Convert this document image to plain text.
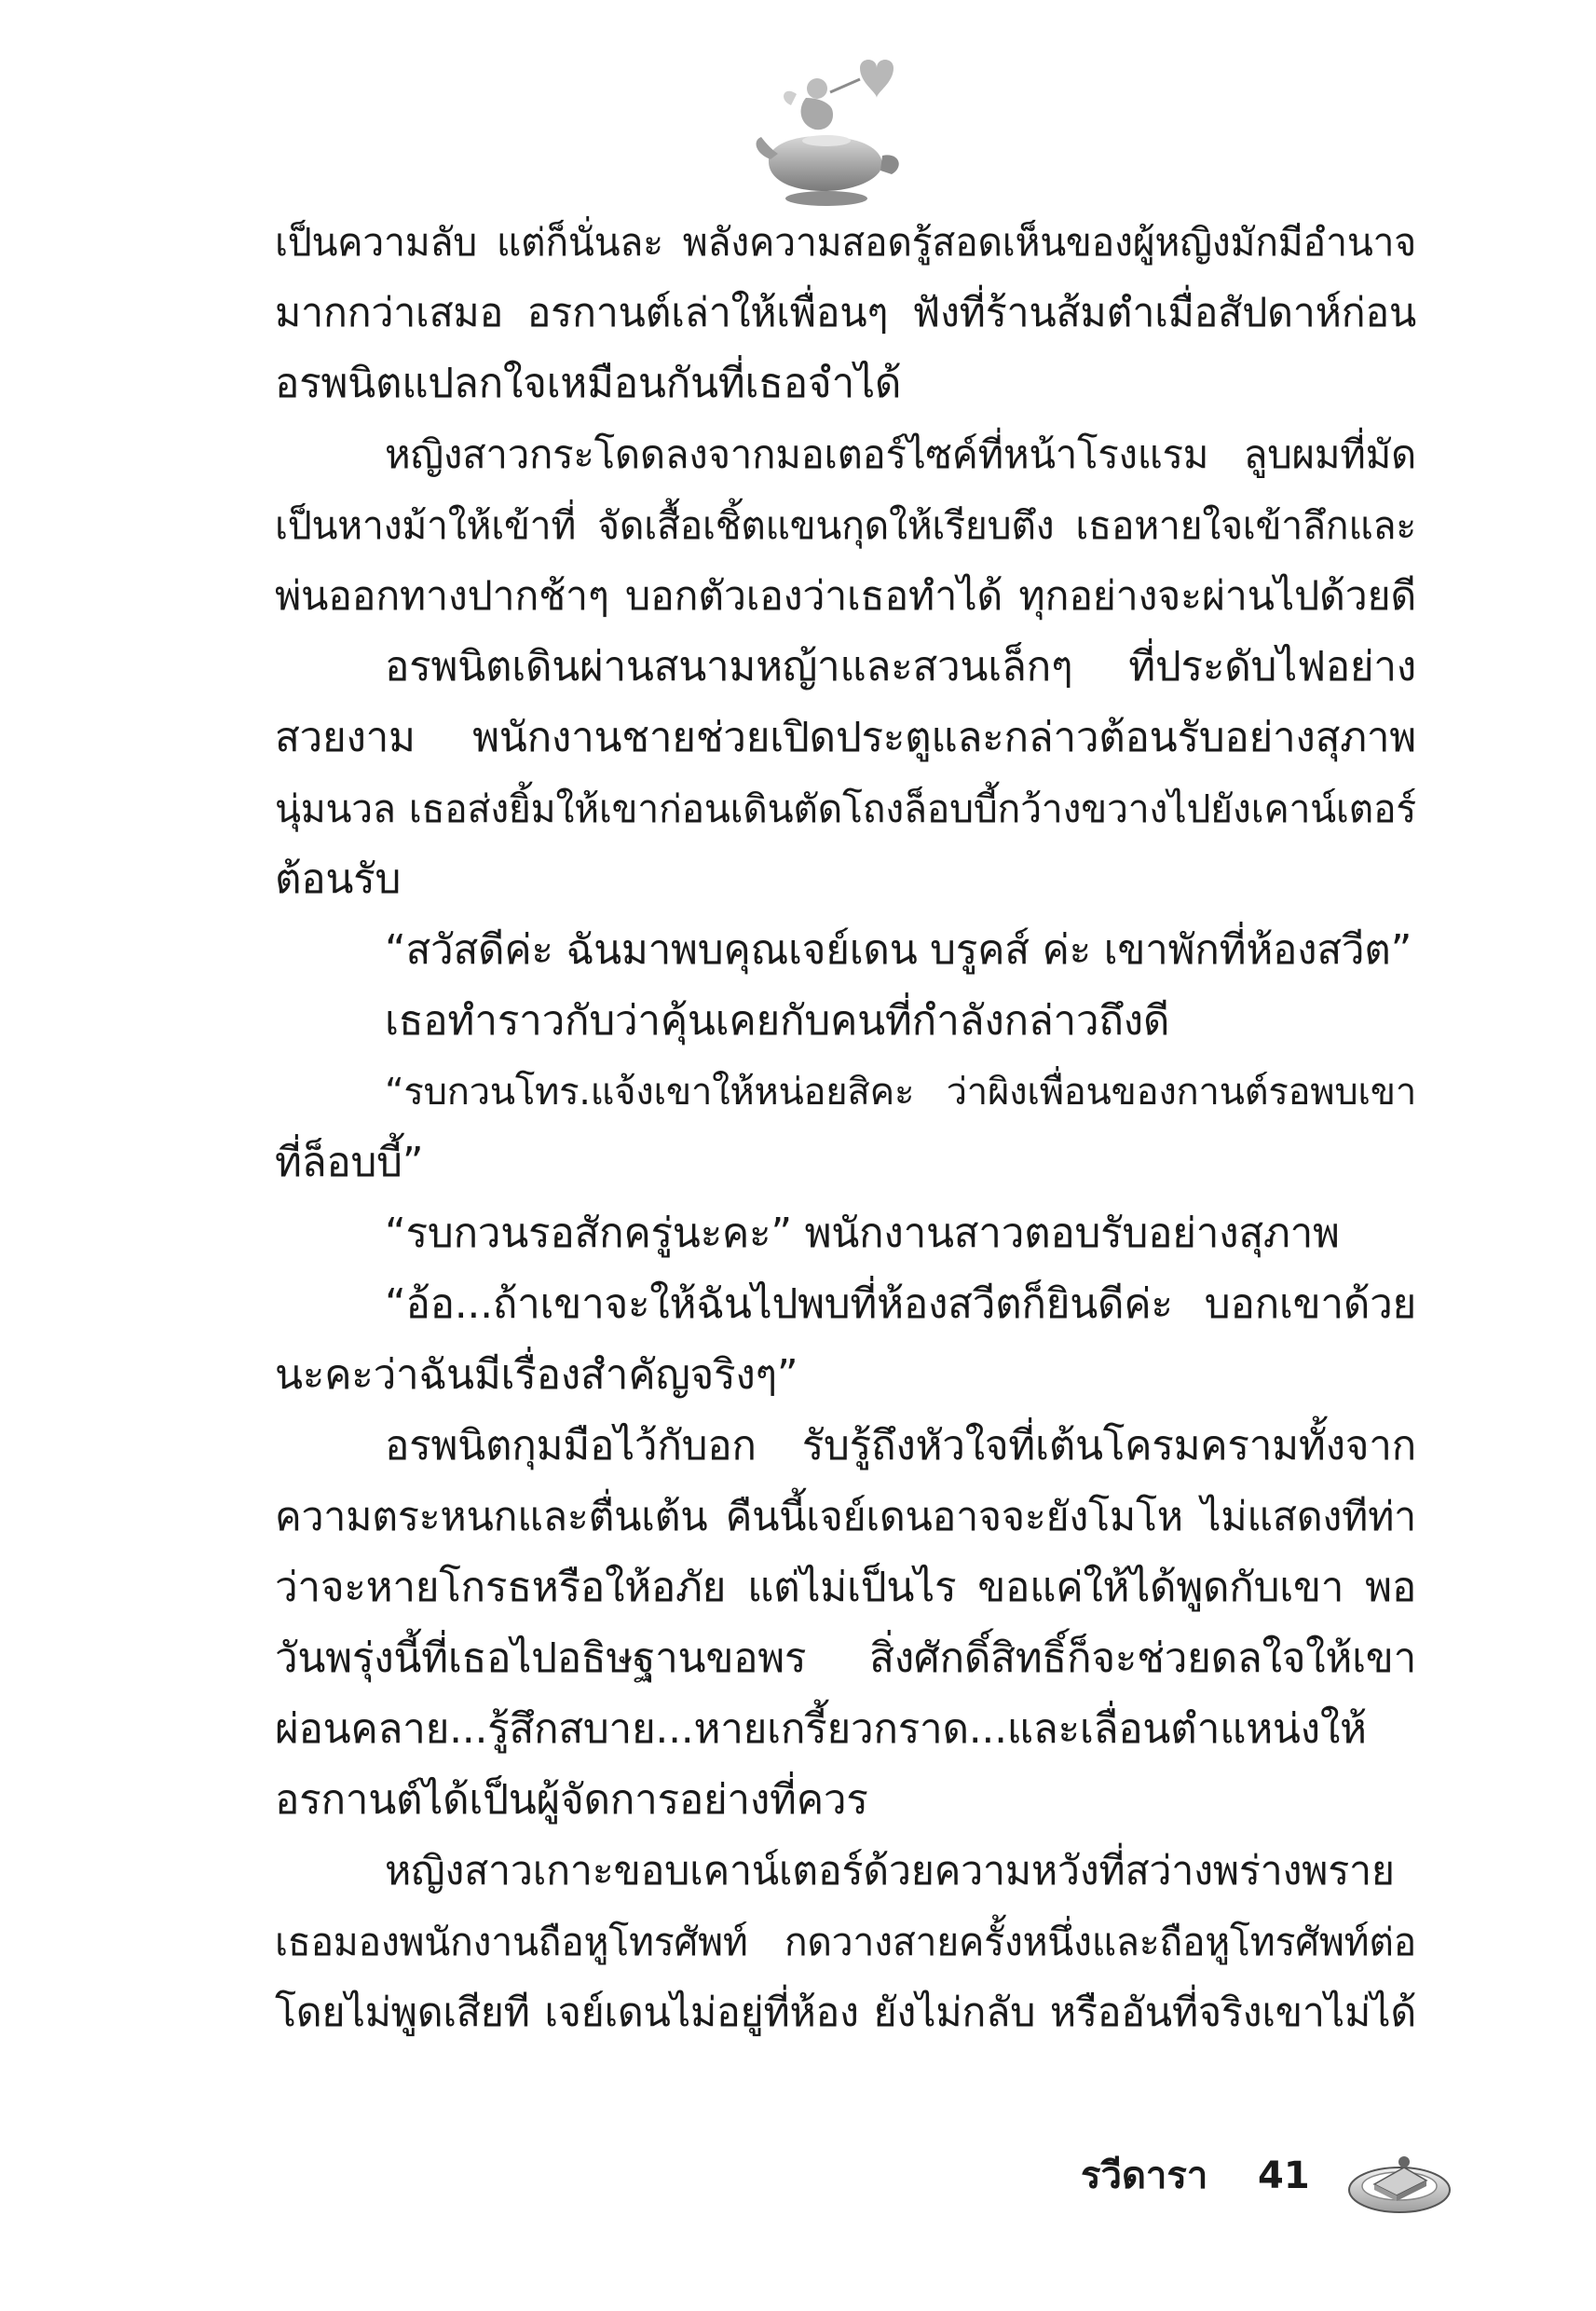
เป็นความลับ แต่ก็นั่นละ พลังความสอดรู้สอดเห็นของผู้หญิงมักมีอำนาจ
มากกว่าเสมอ อรกานต์เล่าให้เพื่อนๆ ฟังที่ร้านส้มตำเมื่อสัปดาห์ก่อน
อรพนิตแปลกใจเหมือนกันที่เธอจำได้
หญิงสาวกระโดดลงจากมอเตอร์ไซค์ที่หน้าโรงแรม ลูบผมที่มัด
เป็นหางม้าให้เข้าที่ จัดเสื้อเชิ้ตแขนกุดให้เรียบตึง เธอหายใจเข้าลึกและ
พ่นออกทางปากช้าๆ บอกตัวเองว่าเธอทำได้ ทุกอย่างจะผ่านไปด้วยดี
อรพนิตเดินผ่านสนามหญ้าและสวนเล็กๆ ที่ประดับไฟอย่าง
สวยงาม พนักงานชายช่วยเปิดประตูและกล่าวต้อนรับอย่างสุภาพ
นุ่มนวล เธอส่งยิ้มให้เขาก่อนเดินตัดโถงล็อบบี้กว้างขวางไปยังเคาน์เตอร์
ต้อนรับ
“สวัสดีค่ะ ฉันมาพบคุณเจย์เดน บรูคส์ ค่ะ เขาพักที่ห้องสวีต”
เธอทำราวกับว่าคุ้นเคยกับคนที่กำลังกล่าวถึงดี
“รบกวนโทร.แจ้งเขาให้หน่อยสิคะ ว่าผิงเพื่อนของกานต์รอพบเขา
ที่ล็อบบี้”
“รบกวนรอสักครู่นะคะ” พนักงานสาวตอบรับอย่างสุภาพ
“อ้อ...ถ้าเขาจะให้ฉันไปพบที่ห้องสวีตก็ยินดีค่ะ บอกเขาด้วย
นะคะว่าฉันมีเรื่องสำคัญจริงๆ”
อรพนิตกุมมือไว้กับอก รับรู้ถึงหัวใจที่เต้นโครมครามทั้งจาก
ความตระหนกและตื่นเต้น คืนนี้เจย์เดนอาจจะยังโมโห ไม่แสดงทีท่า
ว่าจะหายโกรธหรือให้อภัย แต่ไม่เป็นไร ขอแค่ให้ได้พูดกับเขา พอ
วันพรุ่งนี้ที่เธอไปอธิษฐานขอพร สิ่งศักดิ์สิทธิ์ก็จะช่วยดลใจให้เขา
ผ่อนคลาย...รู้สึกสบาย...หายเกรี้ยวกราด...และเลื่อนตำแหน่งให้
อรกานต์ได้เป็นผู้จัดการอย่างที่ควร
หญิงสาวเกาะขอบเคาน์เตอร์ด้วยความหวังที่สว่างพร่างพราย
เธอมองพนักงานถือหูโทรศัพท์ กดวางสายครั้งหนึ่งและถือหูโทรศัพท์ต่อ
โดยไม่พูดเสียที เจย์เดนไม่อยู่ที่ห้อง ยังไม่กลับ หรืออันที่จริงเขาไม่ได้
รวีดารา 41
